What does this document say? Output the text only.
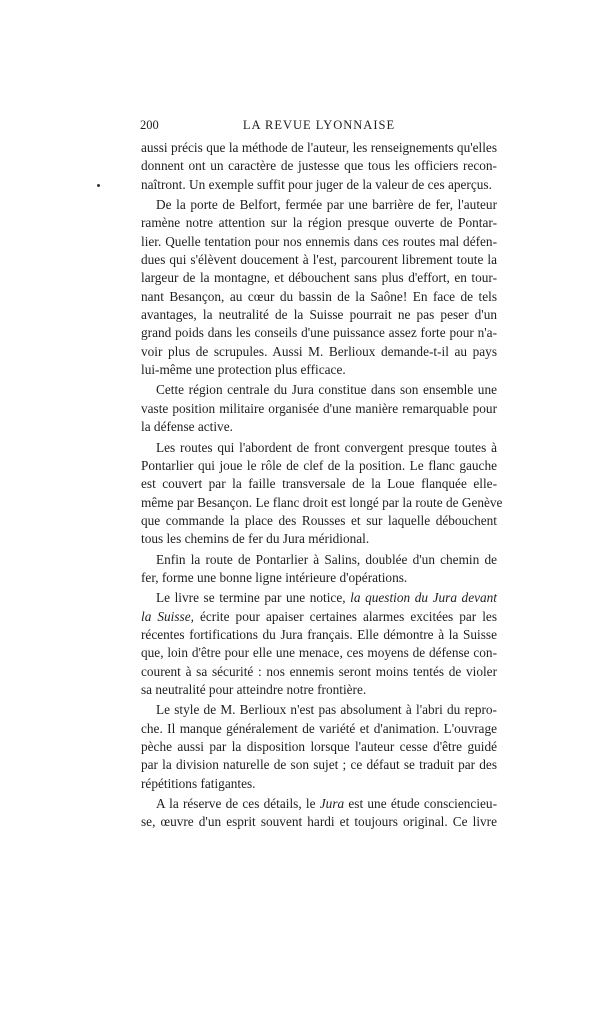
200	LA REVUE LYONNAISE
aussi précis que la méthode de l'auteur, les renseignements qu'elles
donnent ont un caractère de justesse que tous les officiers recon-
naîtront. Un exemple suffit pour juger de la valeur de ces aperçus.
De la porte de Belfort, fermée par une barrière de fer, l'auteur
ramène notre attention sur la région presque ouverte de Pontar-
lier. Quelle tentation pour nos ennemis dans ces routes mal défen-
dues qui s'élèvent doucement à l'est, parcourent librement toute la
largeur de la montagne, et débouchent sans plus d'effort, en tour-
nant Besançon, au cœur du bassin de la Saône! En face de tels
avantages, la neutralité de la Suisse pourrait ne pas peser d'un
grand poids dans les conseils d'une puissance assez forte pour n'a-
voir plus de scrupules. Aussi M. Berlioux demande-t-il au pays
lui-même une protection plus efficace.
Cette région centrale du Jura constitue dans son ensemble une
vaste position militaire organisée d'une manière remarquable pour
la défense active.
Les routes qui l'abordent de front convergent presque toutes à
Pontarlier qui joue le rôle de clef de la position. Le flanc gauche
est couvert par la faille transversale de la Loue flanquée elle-
même par Besançon. Le flanc droit est longé par la route de Genève
que commande la place des Rousses et sur laquelle débouchent
tous les chemins de fer du Jura méridional.
Enfin la route de Pontarlier à Salins, doublée d'un chemin de
fer, forme une bonne ligne intérieure d'opérations.
Le livre se termine par une notice, la question du Jura devant
la Suisse, écrite pour apaiser certaines alarmes excitées par les
récentes fortifications du Jura français. Elle démontre à la Suisse
que, loin d'être pour elle une menace, ces moyens de défense con-
courent à sa sécurité : nos ennemis seront moins tentés de violer
sa neutralité pour atteindre notre frontière.
Le style de M. Berlioux n'est pas absolument à l'abri du repro-
che. Il manque généralement de variété et d'animation. L'ouvrage
pèche aussi par la disposition lorsque l'auteur cesse d'être guidé
par la division naturelle de son sujet ; ce défaut se traduit par des
répétitions fatigantes.
A la réserve de ces détails, le Jura est une étude consciencieu-
se, œuvre d'un esprit souvent hardi et toujours original. Ce livre
